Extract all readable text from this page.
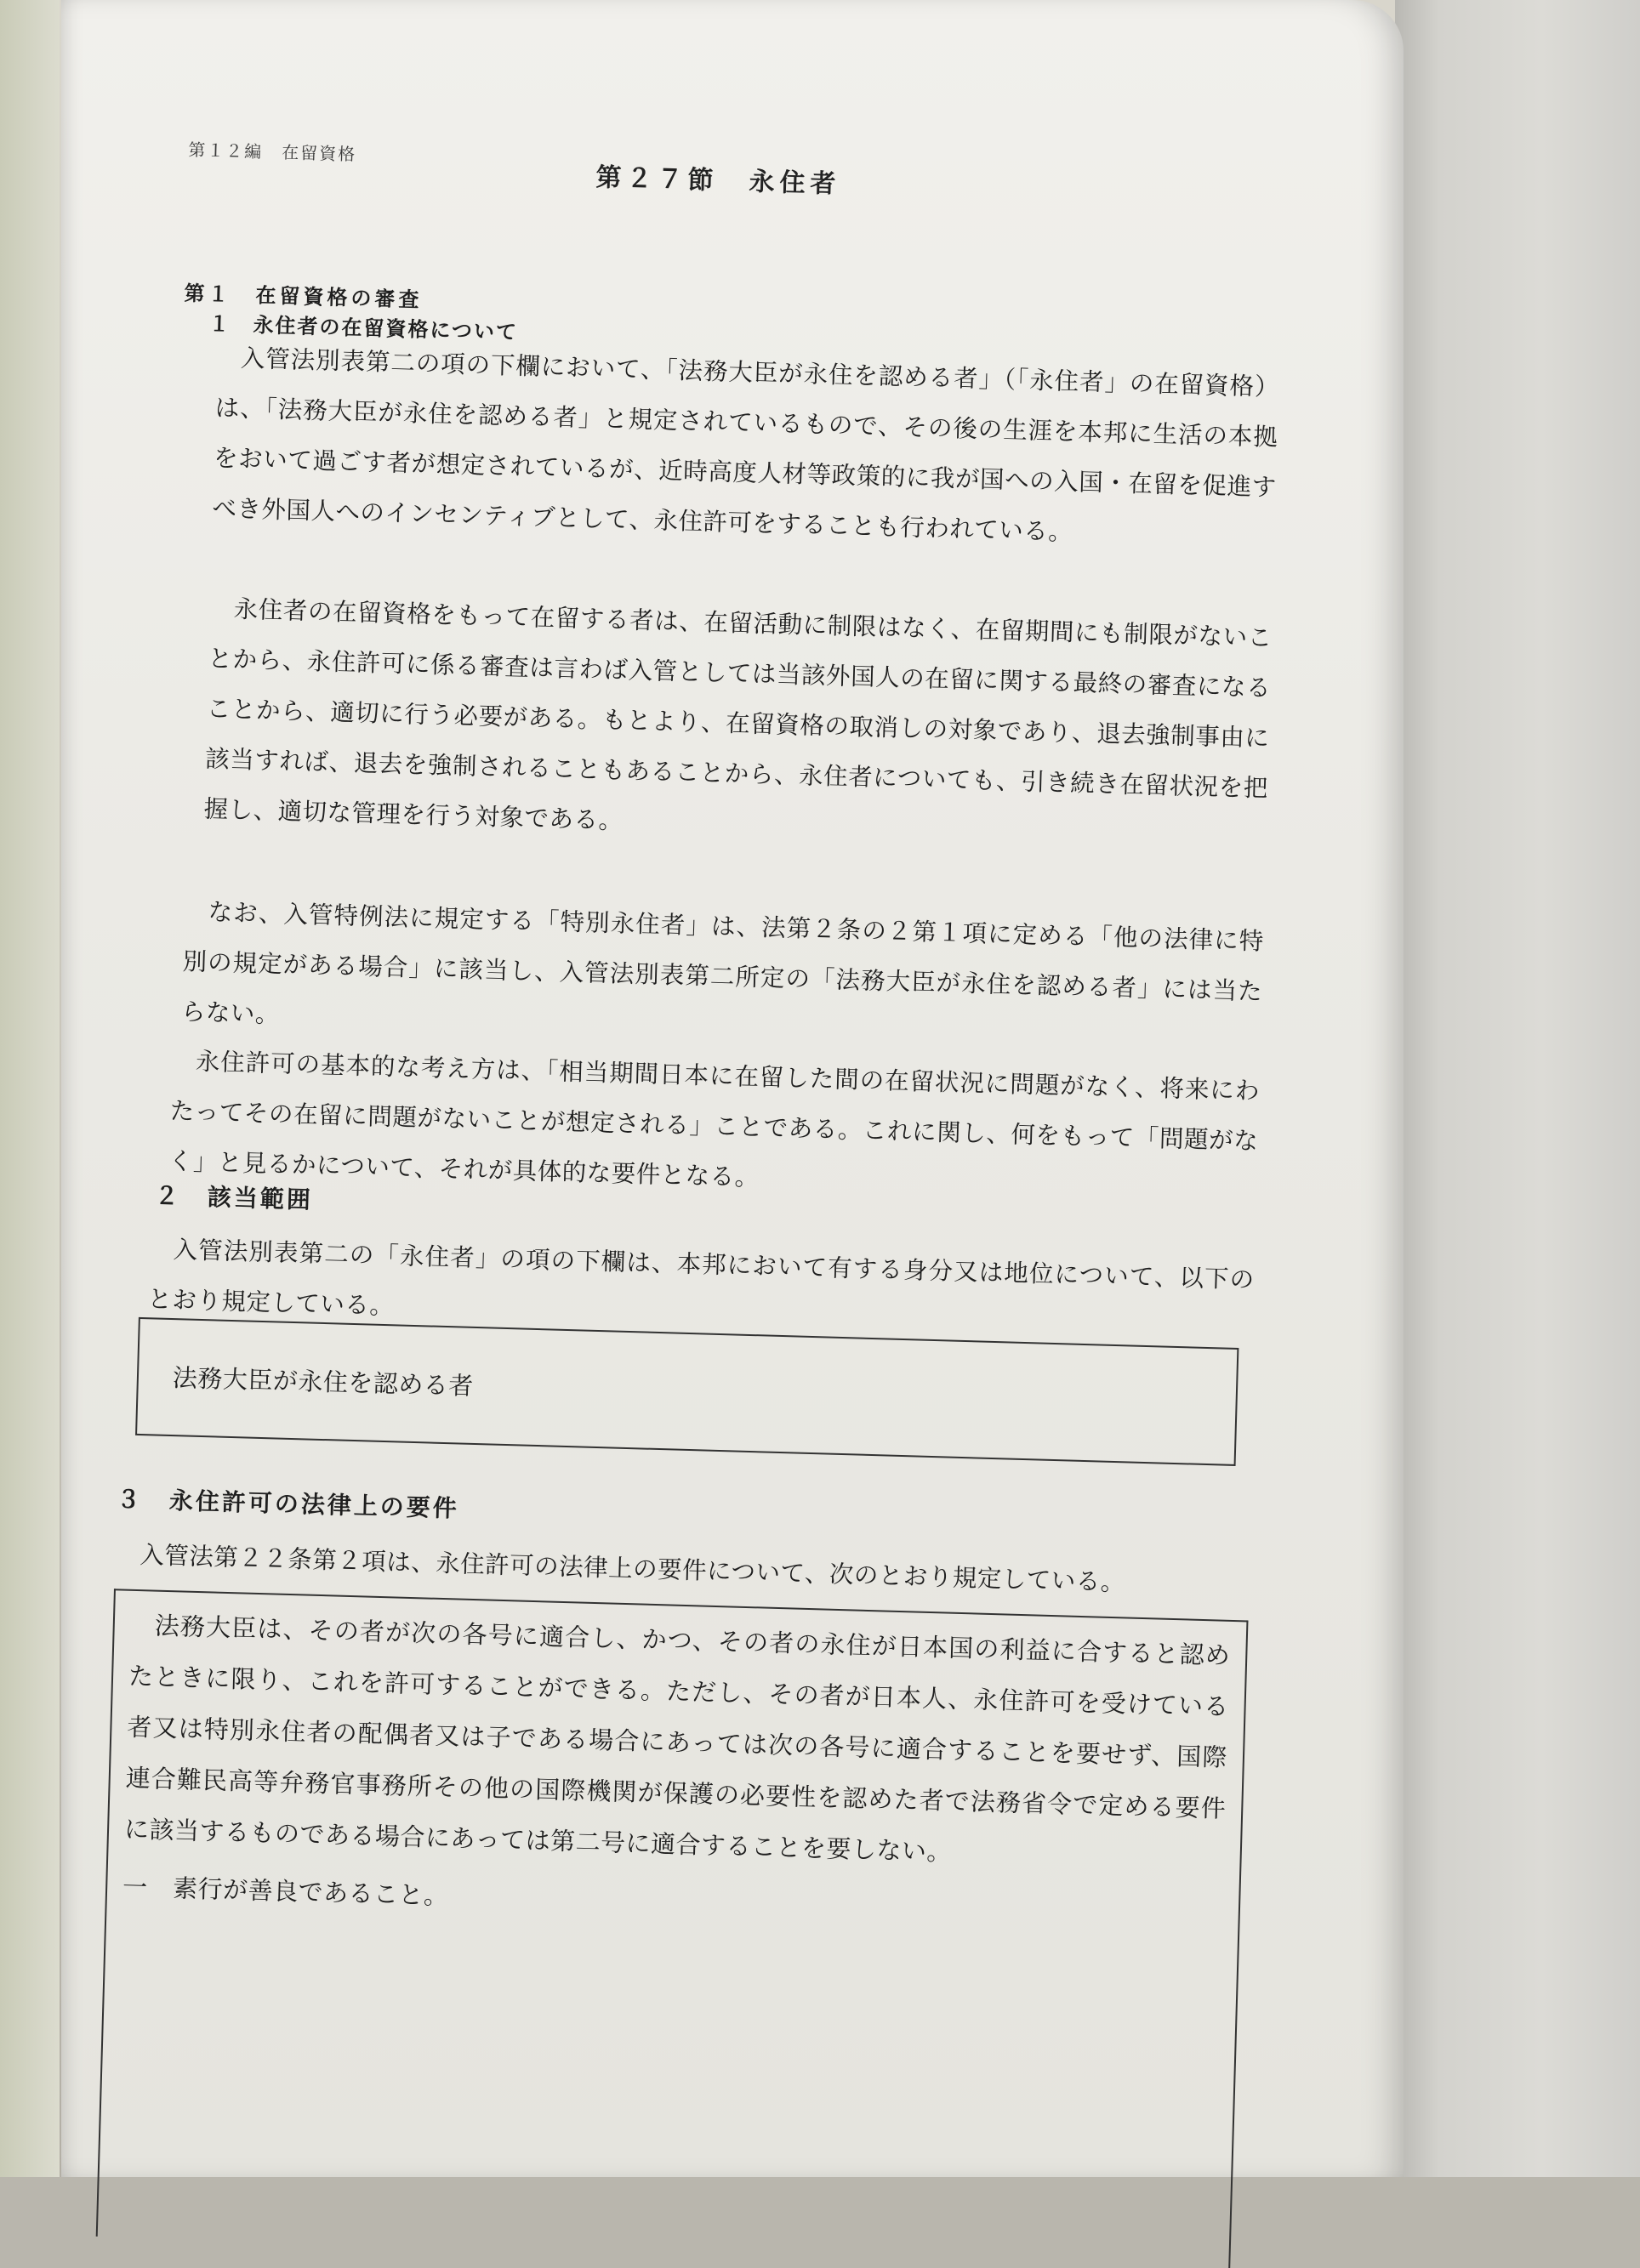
第１２編　在留資格
第２７節　永住者
第１　在留資格の審査
１　永住者の在留資格について
入管法別表第二の項の下欄において、「法務大臣が永住を認める者」（「永住者」の在留資格）は、「法務大臣が永住を認める者」と規定されているもので、その後の生涯を本邦に生活の本拠をおいて過ごす者が想定されているが、近時高度人材等政策的に我が国への入国・在留を促進すべき外国人へのインセンティブとして、永住許可をすることも行われている。
永住者の在留資格をもって在留する者は、在留活動に制限はなく、在留期間にも制限がないことから、永住許可に係る審査は言わば入管としては当該外国人の在留に関する最終の審査になることから、適切に行う必要がある。もとより、在留資格の取消しの対象であり、退去強制事由に該当すれば、退去を強制されることもあることから、永住者についても、引き続き在留状況を把握し、適切な管理を行う対象である。
なお、入管特例法に規定する「特別永住者」は、法第２条の２第１項に定める「他の法律に特別の規定がある場合」に該当し、入管法別表第二所定の「法務大臣が永住を認める者」には当たらない。
永住許可の基本的な考え方は、「相当期間日本に在留した間の在留状況に問題がなく、将来にわたってその在留に問題がないことが想定される」ことである。これに関し、何をもって「問題がなく」と見るかについて、それが具体的な要件となる。
２　該当範囲
入管法別表第二の「永住者」の項の下欄は、本邦において有する身分又は地位について、以下のとおり規定している。
法務大臣が永住を認める者
３　永住許可の法律上の要件
入管法第２２条第２項は、永住許可の法律上の要件について、次のとおり規定している。
法務大臣は、その者が次の各号に適合し、かつ、その者の永住が日本国の利益に合すると認めたときに限り、これを許可することができる。ただし、その者が日本人、永住許可を受けている者又は特別永住者の配偶者又は子である場合にあっては次の各号に適合することを要せず、国際連合難民高等弁務官事務所その他の国際機関が保護の必要性を認めた者で法務省令で定める要件に該当するものである場合にあっては第二号に適合することを要しない。
一　素行が善良であること。
